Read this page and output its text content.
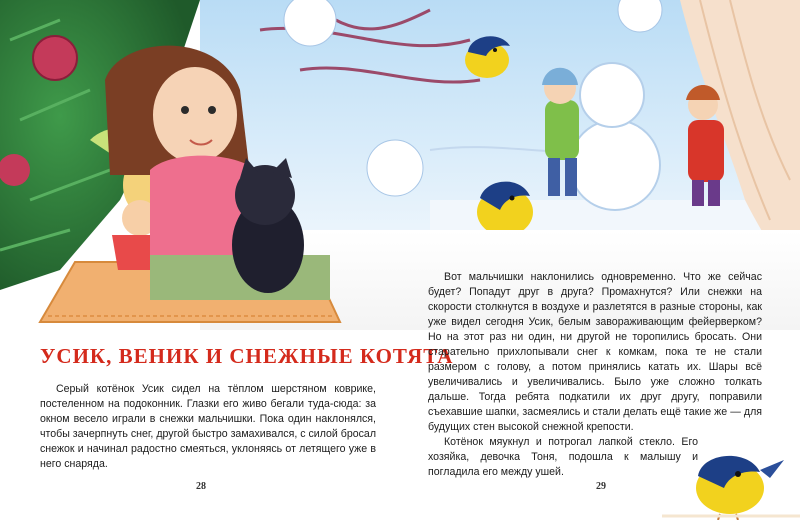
УСИК, ВЕНИК И СНЕЖНЫЕ КОТЯТА
Серый котёнок Усик сидел на тёплом шерстяном коврике, постеленном на подоконник. Глазки его живо бегали туда-сюда: за окном весело играли в снежки мальчишки. Пока один наклонялся, чтобы зачерпнуть снег, другой быстро замахивался, с силой бросал снежок и начинал радостно смеяться, уклоняясь от летящего уже в него снаряда.
28

Вот мальчишки наклонились одновременно. Что же сейчас будет? Попадут друг в друга? Промахнутся? Или снежки на скорости столкнутся в воздухе и разлетятся в разные стороны, как уже видел сегодня Усик, белым завораживающим фейерверком? Но на этот раз ни один, ни другой не торопились бросать. Они старательно прихлопывали снег к комкам, пока те не стали размером с голову, а потом принялись катать их. Шары всё увеличивались и увеличивались. Было уже сложно толкать дальше. Тогда ребята подкатили их друг другу, поправили съехавшие шапки, засмеялись и стали делать ещё такие же — для будущих стен высокой снежной крепости.

Котёнок мяукнул и потрогал лапкой стекло. Его хозяйка, девочка Тоня, подошла к малышу и погладила его между ушей.

29
